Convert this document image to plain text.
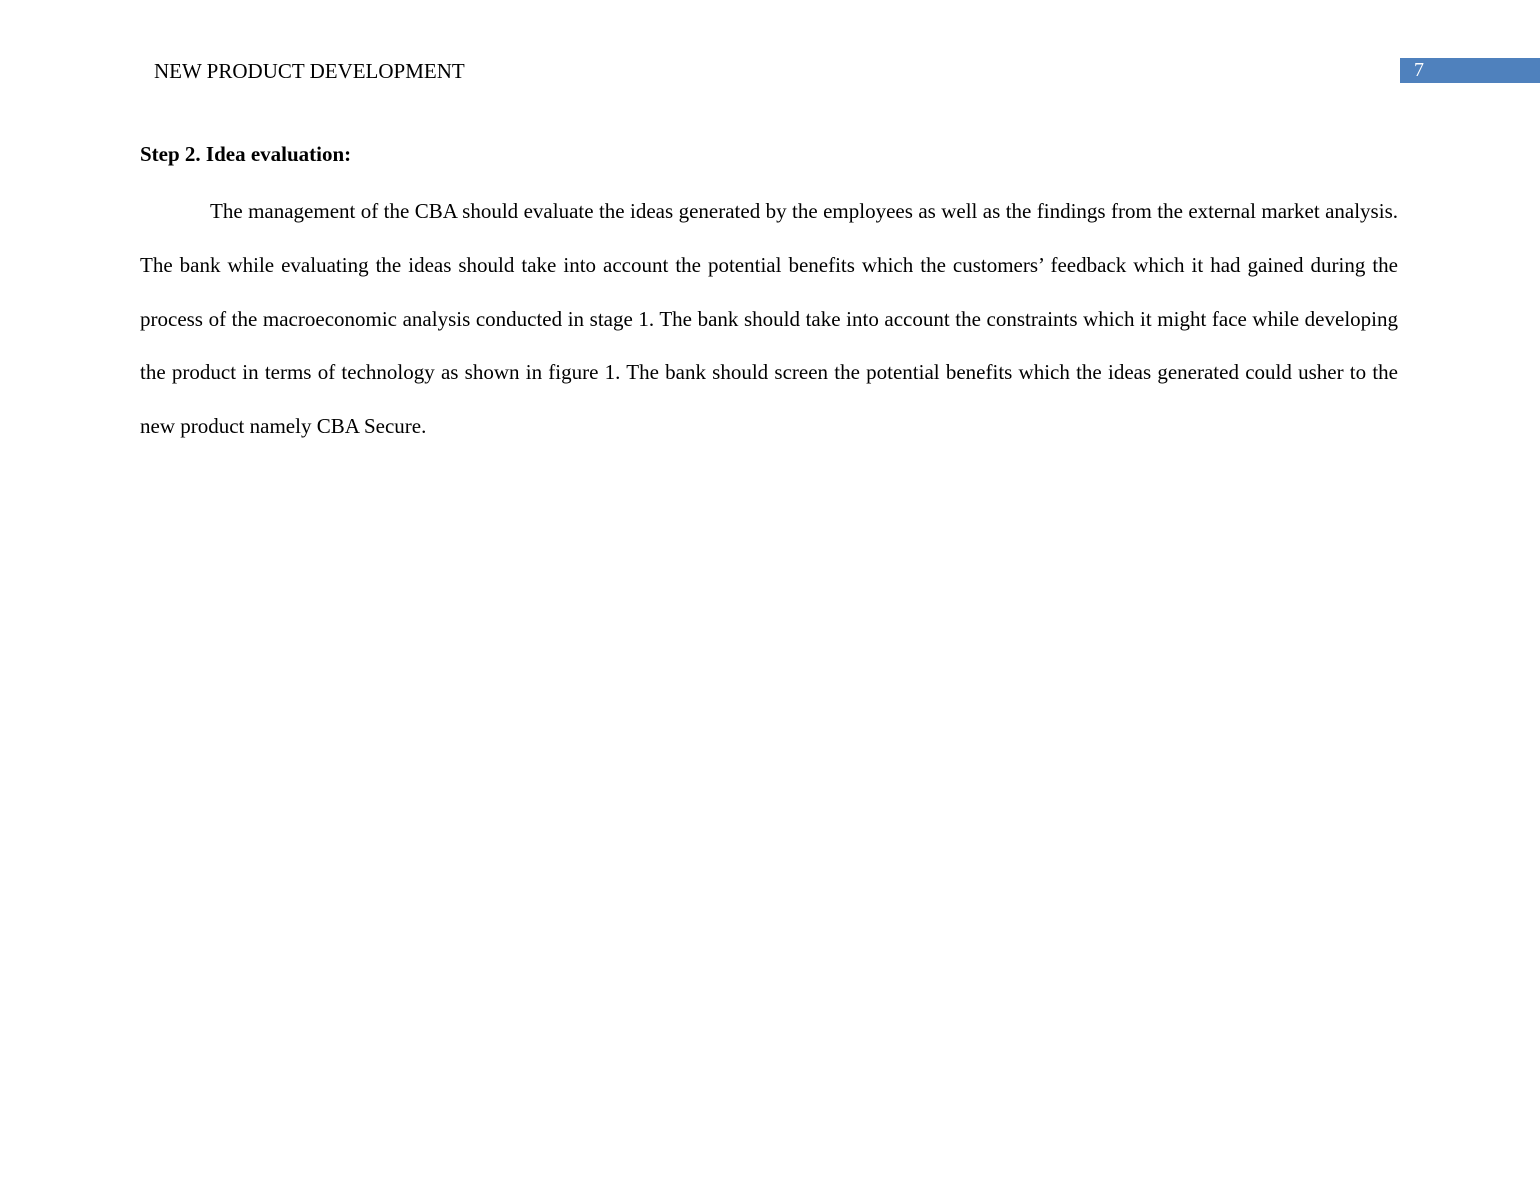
NEW PRODUCT DEVELOPMENT	7
Step 2. Idea evaluation:

The management of the CBA should evaluate the ideas generated by the employees as well as the findings from the external market analysis. The bank while evaluating the ideas should take into account the potential benefits which the customers’ feedback which it had gained during the process of the macroeconomic analysis conducted in stage 1. The bank should take into account the constraints which it might face while developing the product in terms of technology as shown in figure 1. The bank should screen the potential benefits which the ideas generated could usher to the new product namely CBA Secure.
